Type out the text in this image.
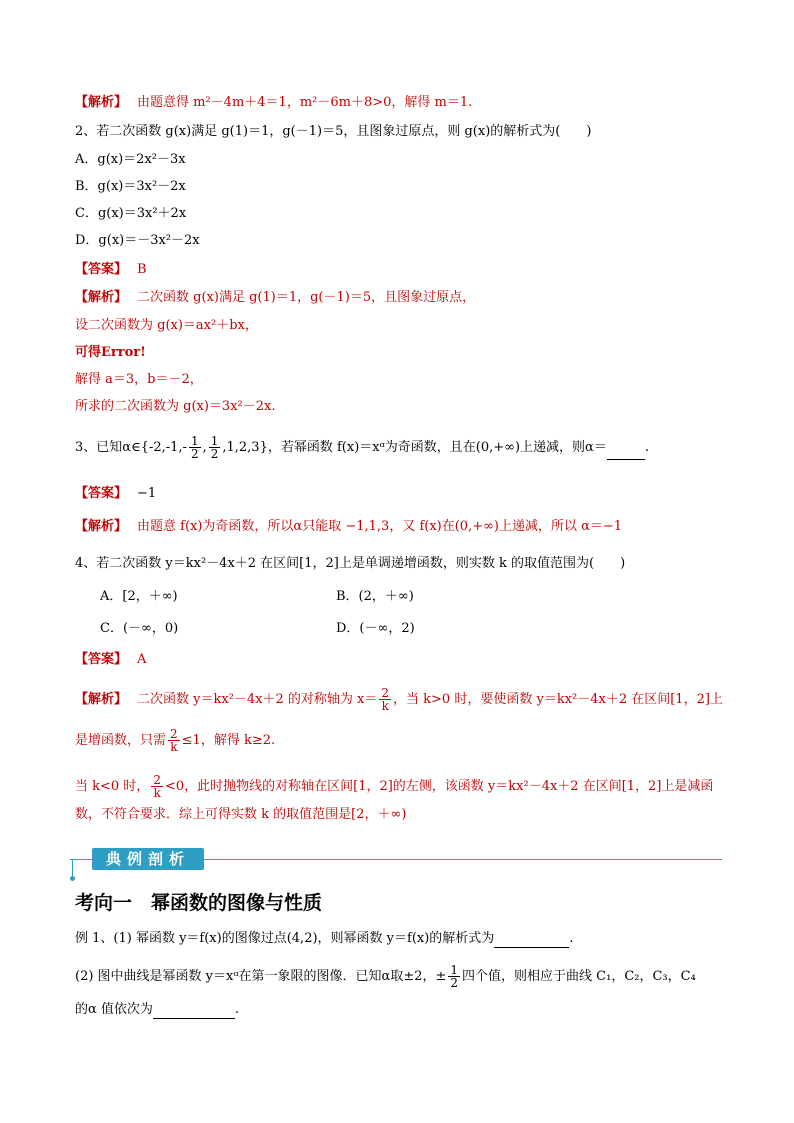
【解析】 由题意得 m²－4m＋4＝1，m²－6m＋8>0，解得 m＝1.
2、若二次函数 g(x)满足 g(1)＝1，g(－1)＝5，且图象过原点，则 g(x)的解析式为(　　)
A．g(x)＝2x²－3x
B．g(x)＝3x²－2x
C．g(x)＝3x²＋2x
D．g(x)＝－3x²－2x
【答案】 B
【解析】 二次函数 g(x)满足 g(1)＝1，g(－1)＝5，且图象过原点，
设二次函数为 g(x)＝ax²＋bx，
可得Error!
解得 a＝3，b＝－2，
所求的二次函数为 g(x)＝3x²－2x.
3、已知α∈{-2,-1,- $\frac{1}{2}$ , $\frac{1}{2} ,1,2,3$}，若幂函数 f(x)＝xᵅ为奇函数，且在(0,+∞)上递减，则α＝	.
【答案】 −1
【解析】 由题意 f(x)为奇函数，所以α只能取 −1,1,3，又 f(x)在(0,+∞)上递减，所以 α＝−1
4、若二次函数 y＝kx²－4x＋2 在区间[1，2]上是单调递增函数，则实数 k 的取值范围为(　　)
A．[2，＋∞)	B．(2，＋∞)
C．(－∞，0)	D．(－∞，2)
【答案】 A
【解析】 二次函数 y＝kx²－4x＋2 的对称轴为 $x= \frac{2}{k}$ ，当 k>0 时，要使函数 y＝kx²－4x＋2 在区间[1，2]上
是增函数，只需 $\frac{2}{k} \le 1$，解得 k≥2.
当 k<0 时， $\frac{2}{k} <0$，此时抛物线的对称轴在区间[1，2]的左侧，该函数 y＝kx²－4x＋2 在区间[1，2]上是减函
数，不符合要求．综上可得实数 k 的取值范围是[2，＋∞)
典例剖析
考向一　幂函数的图像与性质
例 1、(1) 幂函数 y＝f(x)的图像过点(4,2)，则幂函数 y＝f(x)的解析式为	.
(2) 图中曲线是幂函数 y＝xᵅ在第一象限的图像．已知α取±2，± $\frac{1}{2}$ 四个值，则相应于曲线 C₁，C₂，C₃，C₄
的α 值依次为	.
